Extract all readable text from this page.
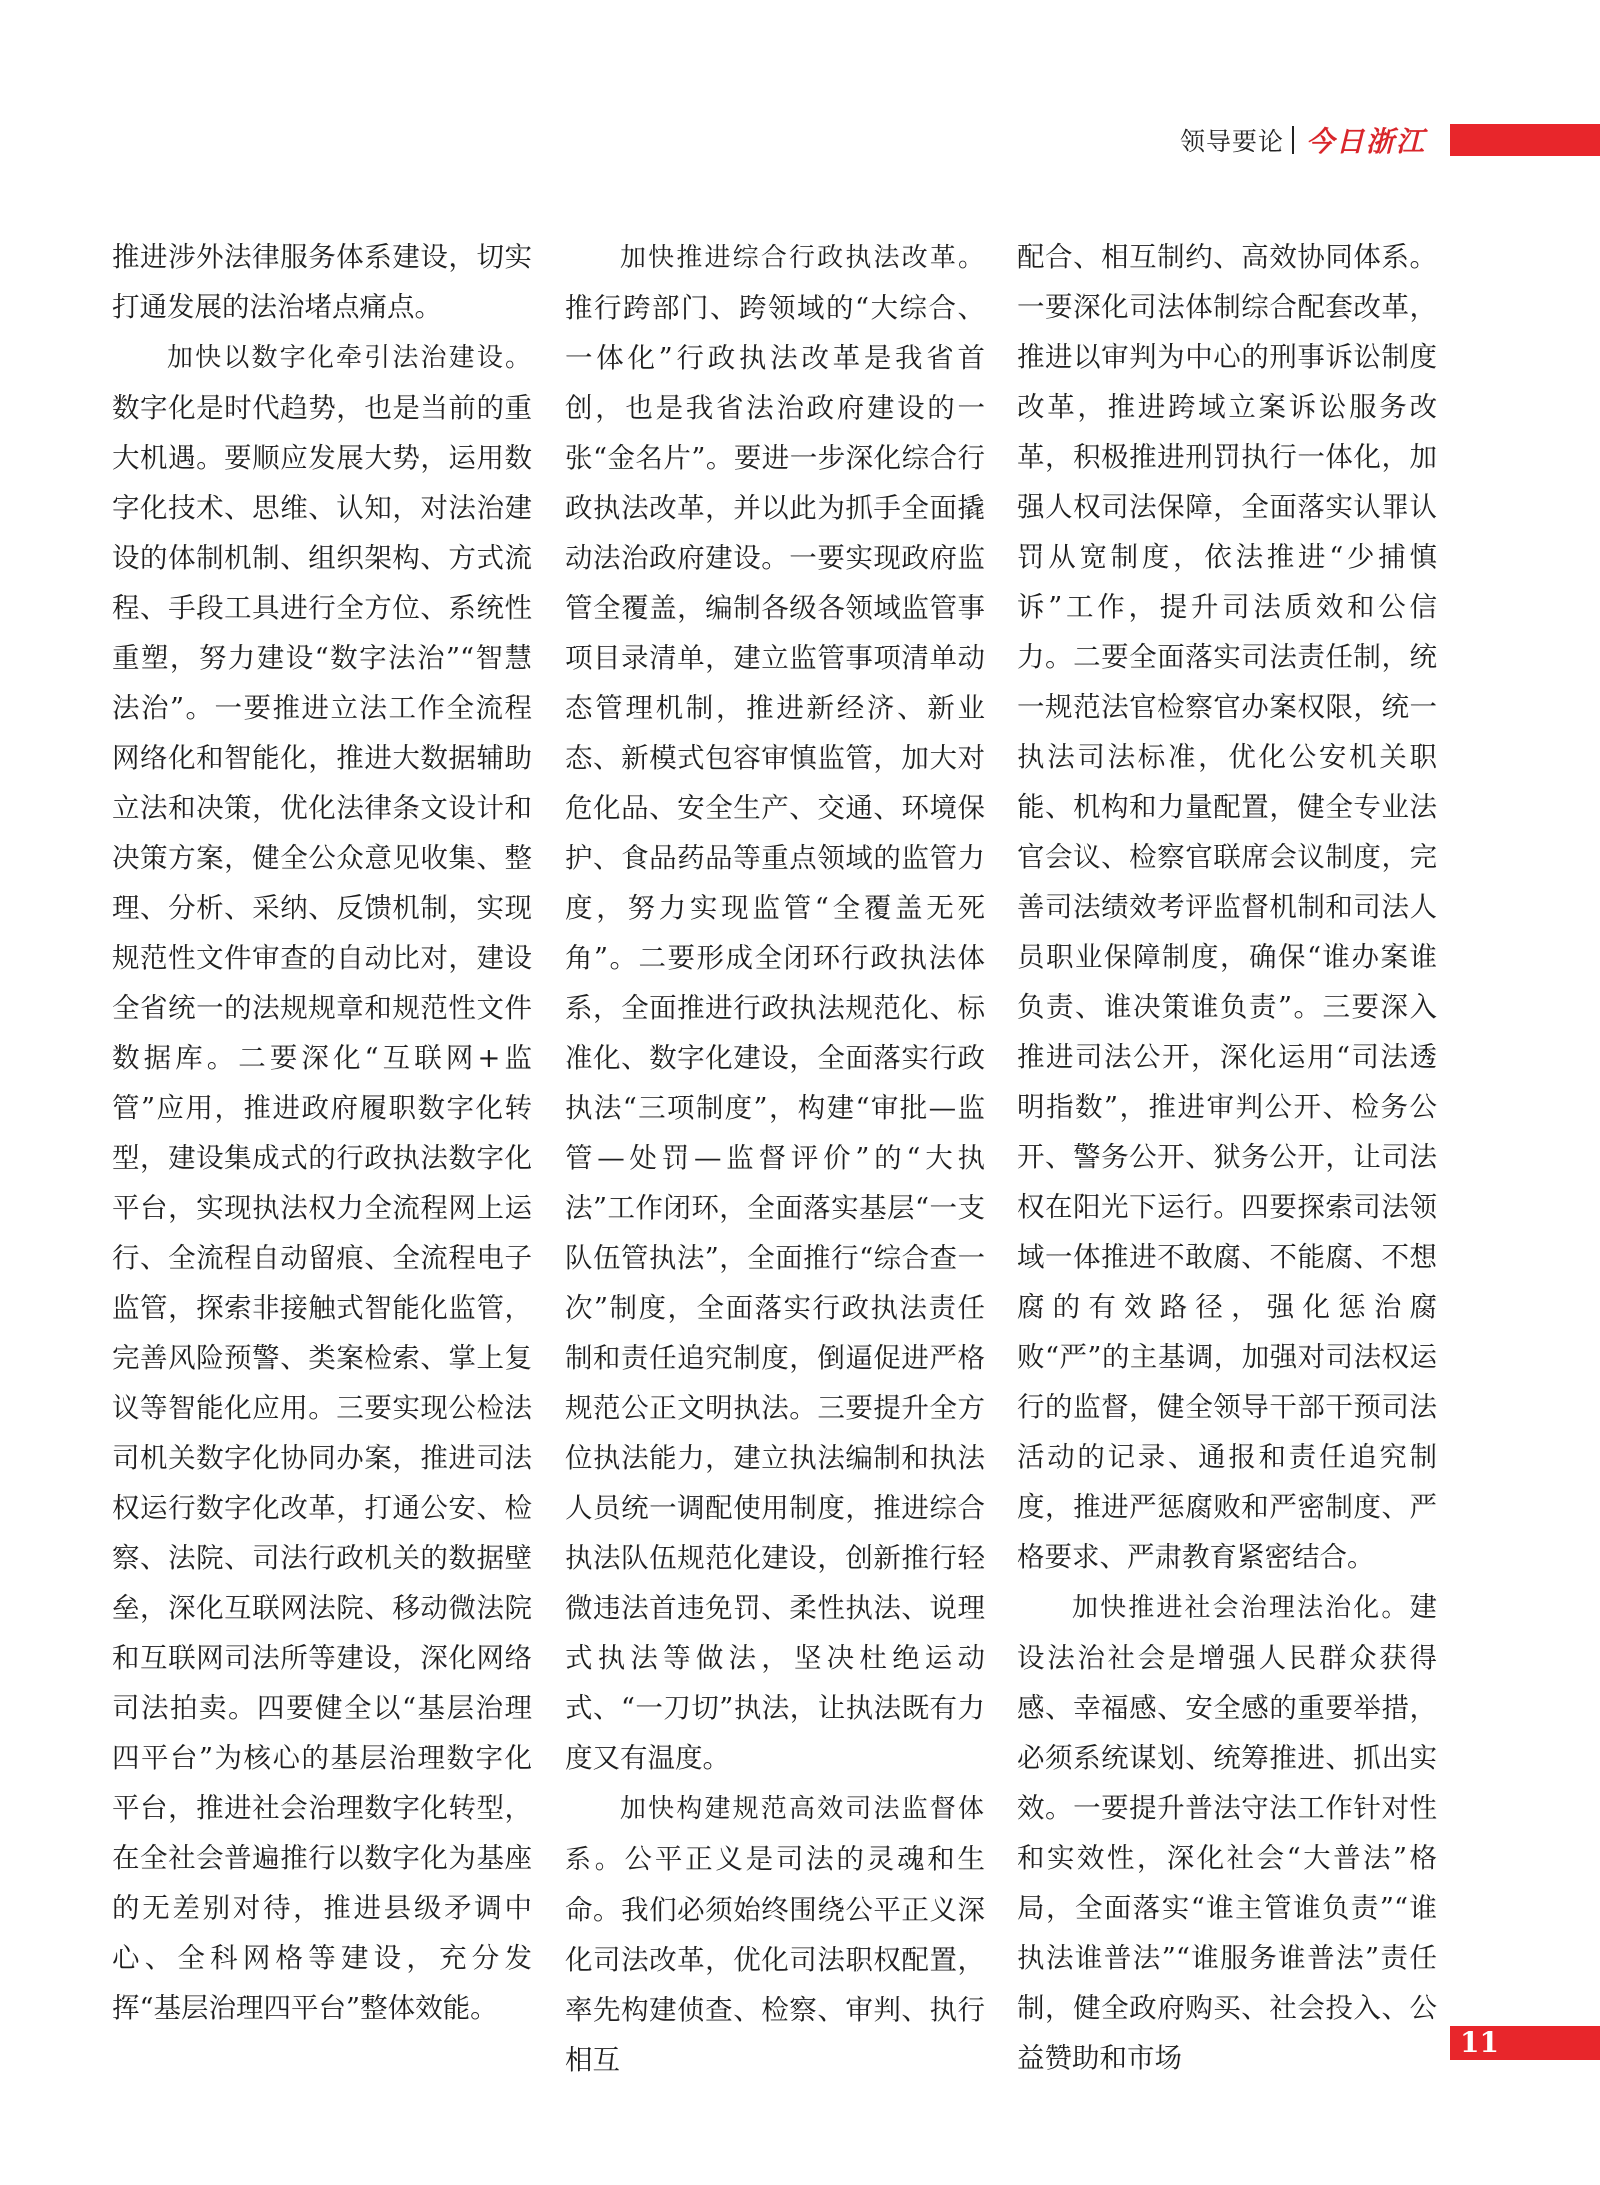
领导要论 今日浙江

推进涉外法律服务体系建设，切实打通发展的法治堵点痛点。

加快以数字化牵引法治建设。数字化是时代趋势，也是当前的重大机遇。要顺应发展大势，运用数字化技术、思维、认知，对法治建设的体制机制、组织架构、方式流程、手段工具进行全方位、系统性重塑，努力建设“数字法治”“智慧法治”。一要推进立法工作全流程网络化和智能化，推进大数据辅助立法和决策，优化法律条文设计和决策方案，健全公众意见收集、整理、分析、采纳、反馈机制，实现规范性文件审查的自动比对，建设全省统一的法规规章和规范性文件数据库。二要深化“互联网+监管”应用，推进政府履职数字化转型，建设集成式的行政执法数字化平台，实现执法权力全流程网上运行、全流程自动留痕、全流程电子监管，探索非接触式智能化监管，完善风险预警、类案检索、掌上复议等智能化应用。三要实现公检法司机关数字化协同办案，推进司法权运行数字化改革，打通公安、检察、法院、司法行政机关的数据壁垒，深化互联网法院、移动微法院和互联网司法所等建设，深化网络司法拍卖。四要健全以“基层治理四平台”为核心的基层治理数字化平台，推进社会治理数字化转型，在全社会普遍推行以数字化为基座的无差别对待，推进县级矛调中心、全科网格等建设，充分发挥“基层治理四平台”整体效能。

加快推进综合行政执法改革。推行跨部门、跨领域的“大综合、一体化”行政执法改革是我省首创，也是我省法治政府建设的一张“金名片”。要进一步深化综合行政执法改革，并以此为抓手全面撬动法治政府建设。一要实现政府监管全覆盖，编制各级各领域监管事项目录清单，建立监管事项清单动态管理机制，推进新经济、新业态、新模式包容审慎监管，加大对危化品、安全生产、交通、环境保护、食品药品等重点领域的监管力度，努力实现监管“全覆盖无死角”。二要形成全闭环行政执法体系，全面推进行政执法规范化、标准化、数字化建设，全面落实行政执法“三项制度”，构建“审批—监管—处罚—监督评价”的“大执法”工作闭环，全面落实基层“一支队伍管执法”，全面推行“综合查一次”制度，全面落实行政执法责任制和责任追究制度，倒逼促进严格规范公正文明执法。三要提升全方位执法能力，建立执法编制和执法人员统一调配使用制度，推进综合执法队伍规范化建设，创新推行轻微违法首违免罚、柔性执法、说理式执法等做法，坚决杜绝运动式、“一刀切”执法，让执法既有力度又有温度。

加快构建规范高效司法监督体系。公平正义是司法的灵魂和生命。我们必须始终围绕公平正义深化司法改革，优化司法职权配置，率先构建侦查、检察、审判、执行相互

配合、相互制约、高效协同体系。一要深化司法体制综合配套改革，推进以审判为中心的刑事诉讼制度改革，推进跨域立案诉讼服务改革，积极推进刑罚执行一体化，加强人权司法保障，全面落实认罪认罚从宽制度，依法推进“少捕慎诉”工作，提升司法质效和公信力。二要全面落实司法责任制，统一规范法官检察官办案权限，统一执法司法标准，优化公安机关职能、机构和力量配置，健全专业法官会议、检察官联席会议制度，完善司法绩效考评监督机制和司法人员职业保障制度，确保“谁办案谁负责、谁决策谁负责”。三要深入推进司法公开，深化运用“司法透明指数”，推进审判公开、检务公开、警务公开、狱务公开，让司法权在阳光下运行。四要探索司法领域一体推进不敢腐、不能腐、不想腐的有效路径，强化惩治腐败“严”的主基调，加强对司法权运行的监督，健全领导干部干预司法活动的记录、通报和责任追究制度，推进严惩腐败和严密制度、严格要求、严肃教育紧密结合。

加快推进社会治理法治化。建设法治社会是增强人民群众获得感、幸福感、安全感的重要举措，必须系统谋划、统筹推进、抓出实效。一要提升普法守法工作针对性和实效性，深化社会“大普法”格局，全面落实“谁主管谁负责”“谁执法谁普法”“谁服务谁普法”责任制，健全政府购买、社会投入、公益赞助和市场	11
